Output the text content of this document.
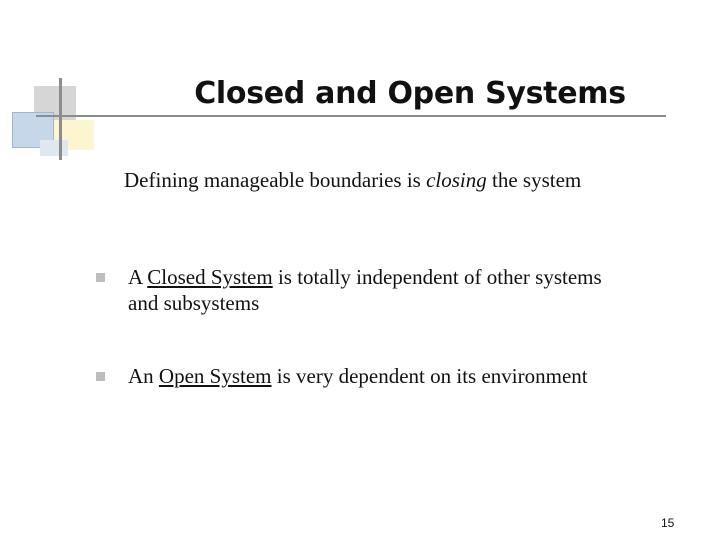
Closed and Open Systems
Defining manageable boundaries is closing the system
A Closed System is totally independent of other systems
and subsystems
An Open System is very dependent on its environment
15
